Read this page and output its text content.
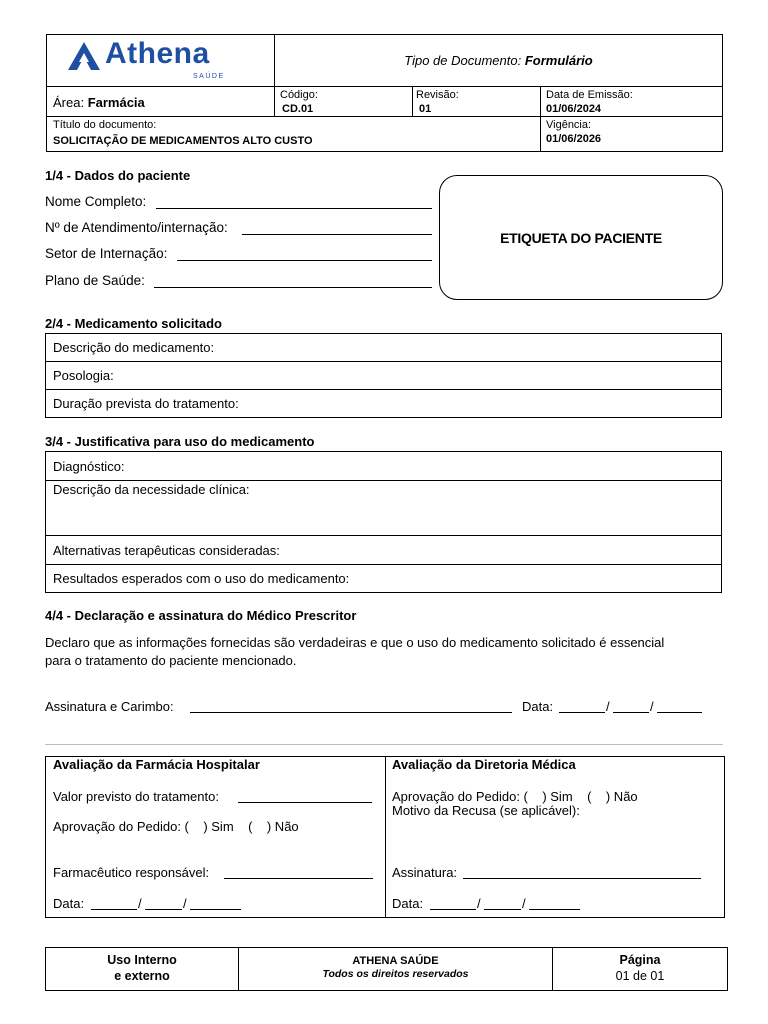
Athena
SAÚDE
Tipo de Documento: Formulário
Área: Farmácia	Código:
CD.01
Revisão:
01
Data de Emissão:
01/06/2024
Título do documento:
SOLICITAÇÃO DE MEDICAMENTOS ALTO CUSTO
Vigência:
01/06/2026
1/4 - Dados do paciente
Nome Completo:
Nº de Atendimento/internação:
Setor de Internação:
Plano de Saúde:
ETIQUETA DO PACIENTE
2/4 - Medicamento solicitado
Descrição do medicamento:
Posologia:
Duração prevista do tratamento:
3/4 - Justificativa para uso do medicamento
Diagnóstico:
Descrição da necessidade clínica:
Alternativas terapêuticas consideradas:
Resultados esperados com o uso do medicamento:
4/4 - Declaração e assinatura do Médico Prescritor
Declaro que as informações fornecidas são verdadeiras e que o uso do medicamento solicitado é essencial
para o tratamento do paciente mencionado.
Assinatura e Carimbo:	Data:	/	/
Avaliação da Farmácia Hospitalar
Valor previsto do tratamento:
Aprovação do Pedido: (    ) Sim    (    ) Não
Farmacêutico responsável:
Data:	/	/
Avaliação da Diretoria Médica
Aprovação do Pedido: (    ) Sim    (    ) Não
Motivo da Recusa (se aplicável):
Assinatura:
Data:	/	/
Uso Interno
e externo
ATHENA SAÚDE
Todos os direitos reservados
Página
01 de 01
